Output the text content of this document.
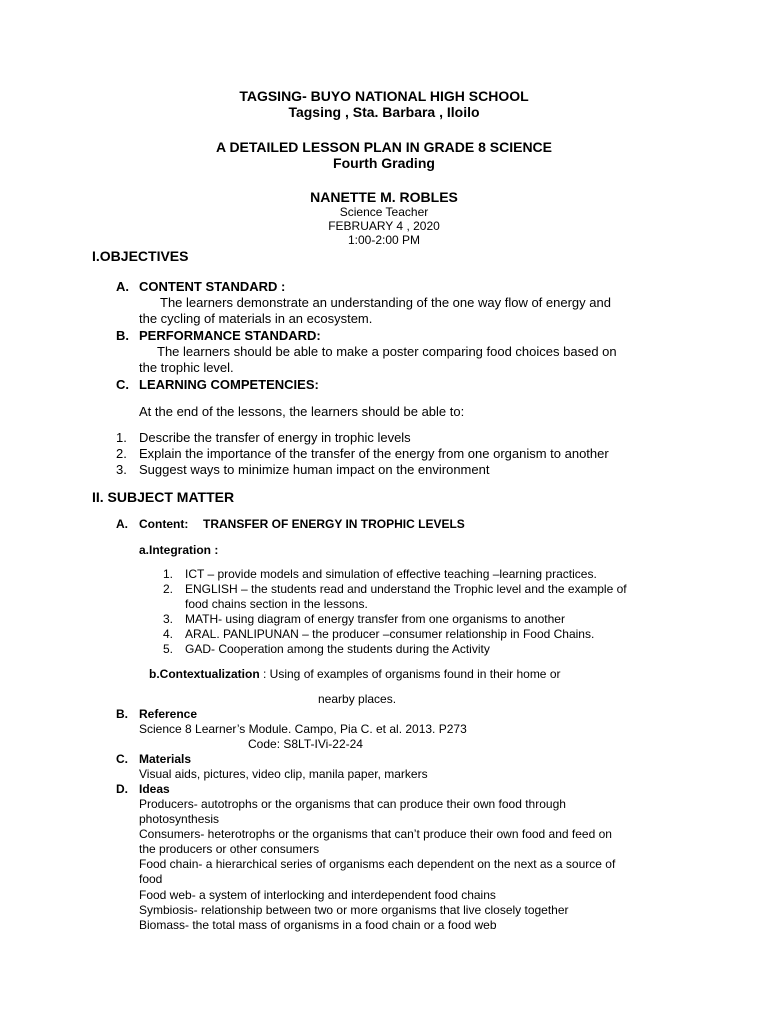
TAGSING- BUYO NATIONAL HIGH SCHOOL
Tagsing , Sta. Barbara , Iloilo
A DETAILED LESSON PLAN IN GRADE 8 SCIENCE
Fourth Grading
NANETTE M. ROBLES
Science Teacher
FEBRUARY 4 , 2020
1:00-2:00 PM
I.OBJECTIVES
A. CONTENT STANDARD :
The learners demonstrate an understanding of the one way flow of energy and
the cycling of materials in an ecosystem.
B. PERFORMANCE STANDARD:
The learners should be able to make a poster comparing food choices based on
the trophic level.
C. LEARNING COMPETENCIES:
At the end of the lessons, the learners should be able to:
1. Describe the transfer of energy in trophic levels
2. Explain the importance of the transfer of the energy from one organism to another
3. Suggest ways to minimize human impact on the environment
II. SUBJECT MATTER
A. Content: TRANSFER OF ENERGY IN TROPHIC LEVELS
a.Integration :
1. ICT – provide models and simulation of effective teaching –learning practices.
2. ENGLISH – the students read and understand the Trophic level and the example of
food chains section in the lessons.
3. MATH- using diagram of energy transfer from one organisms to another
4. ARAL. PANLIPUNAN – the producer –consumer relationship in Food Chains.
5. GAD- Cooperation among the students during the Activity
b.Contextualization : Using of examples of organisms found in their home or
nearby places.
B. Reference
Science 8 Learner’s Module. Campo, Pia C. et al. 2013. P273
Code: S8LT-IVi-22-24
C. Materials
Visual aids, pictures, video clip, manila paper, markers
D. Ideas
Producers- autotrophs or the organisms that can produce their own food through
photosynthesis
Consumers- heterotrophs or the organisms that can’t produce their own food and feed on
the producers or other consumers
Food chain- a hierarchical series of organisms each dependent on the next as a source of
food
Food web- a system of interlocking and interdependent food chains
Symbiosis- relationship between two or more organisms that live closely together
Biomass- the total mass of organisms in a food chain or a food web
